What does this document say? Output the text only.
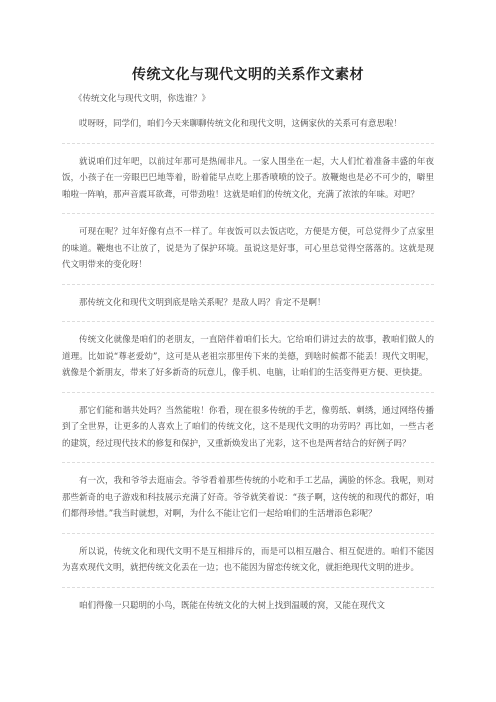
传统文化与现代文明的关系作文素材
《传统文化与现代文明，你选谁？》

哎呀呀，同学们，咱们今天来聊聊传统文化和现代文明，这俩家伙的关系可有意思啦！

就说咱们过年吧，以前过年那可是热闹非凡。一家人围坐在一起，大人们忙着准备丰盛的年夜饭，小孩子在一旁眼巴巴地等着，盼着能早点吃上那香喷喷的饺子。放鞭炮也是必不可少的，噼里啪啦一阵响，那声音震耳欲聋，可带劲啦！这就是咱们的传统文化，充满了浓浓的年味。对吧？

可现在呢？过年好像有点不一样了。年夜饭可以去饭店吃，方便是方便，可总觉得少了点家里的味道。鞭炮也不让放了，说是为了保护环境。虽说这是好事，可心里总觉得空落落的。这就是现代文明带来的变化呀！

那传统文化和现代文明到底是啥关系呢？是敌人吗？肯定不是啊！

传统文化就像是咱们的老朋友，一直陪伴着咱们长大。它给咱们讲过去的故事，教咱们做人的道理。比如说“尊老爱幼”，这可是从老祖宗那里传下来的美德，到啥时候都不能丢！现代文明呢，就像是个新朋友，带来了好多新奇的玩意儿，像手机、电脑，让咱们的生活变得更方便、更快捷。

那它们能和谐共处吗？当然能啦！你看，现在很多传统的手艺，像剪纸、刺绣，通过网络传播到了全世界，让更多的人喜欢上了咱们的传统文化，这不是现代文明的功劳吗？再比如，一些古老的建筑，经过现代技术的修复和保护，又重新焕发出了光彩，这不也是两者结合的好例子吗？

有一次，我和爷爷去逛庙会。爷爷看着那些传统的小吃和手工艺品，满脸的怀念。我呢，则对那些新奇的电子游戏和科技展示充满了好奇。爷爷就笑着说：“孩子啊，这传统的和现代的都好，咱们都得珍惜。”我当时就想，对啊，为什么不能让它们一起给咱们的生活增添色彩呢？

所以说，传统文化和现代文明不是互相排斥的，而是可以相互融合、相互促进的。咱们不能因为喜欢现代文明，就把传统文化丢在一边；也不能因为留恋传统文化，就拒绝现代文明的进步。

咱们得像一只聪明的小鸟，既能在传统文化的大树上找到温暖的窝，又能在现代文
